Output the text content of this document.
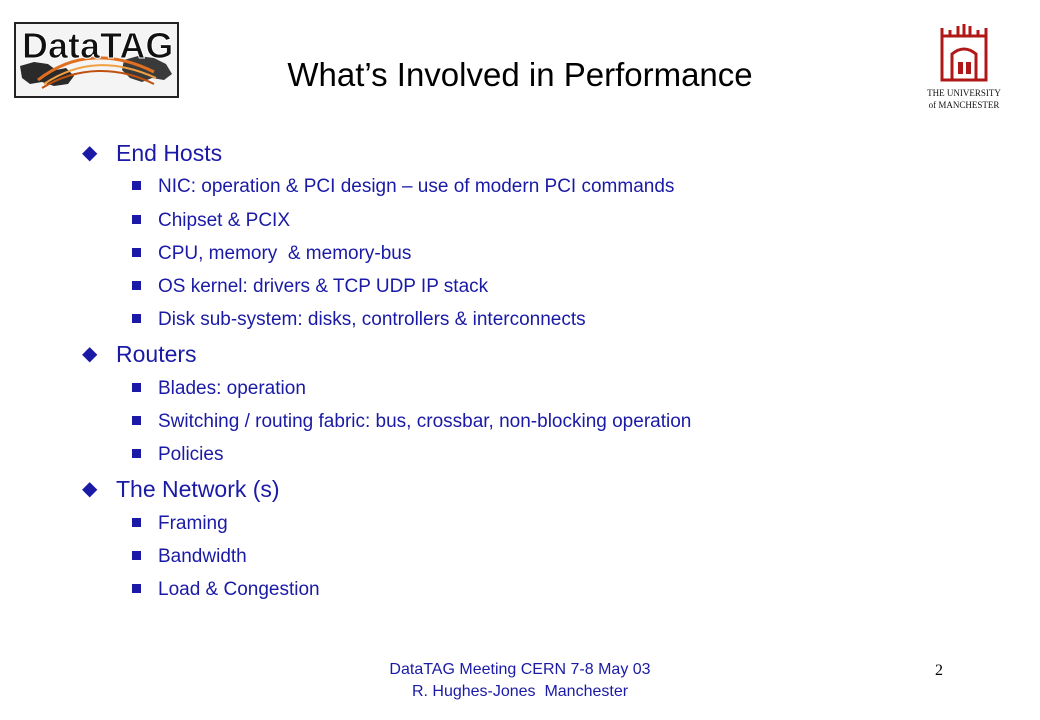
DataTAG
What’s Involved in Performance	THE UNIVERSITY
of MANCHESTER
◆ End Hosts
NIC: operation & PCI design – use of modern PCI commands
Chipset & PCIX
CPU, memory  & memory-bus
OS kernel: drivers & TCP UDP IP stack
Disk sub-system: disks, controllers & interconnects
◆ Routers
Blades: operation
Switching / routing fabric: bus, crossbar, non-blocking operation
Policies
◆ The Network (s)
Framing
Bandwidth
Load & Congestion
DataTAG Meeting CERN 7-8 May 03
R. Hughes-Jones  Manchester
2
